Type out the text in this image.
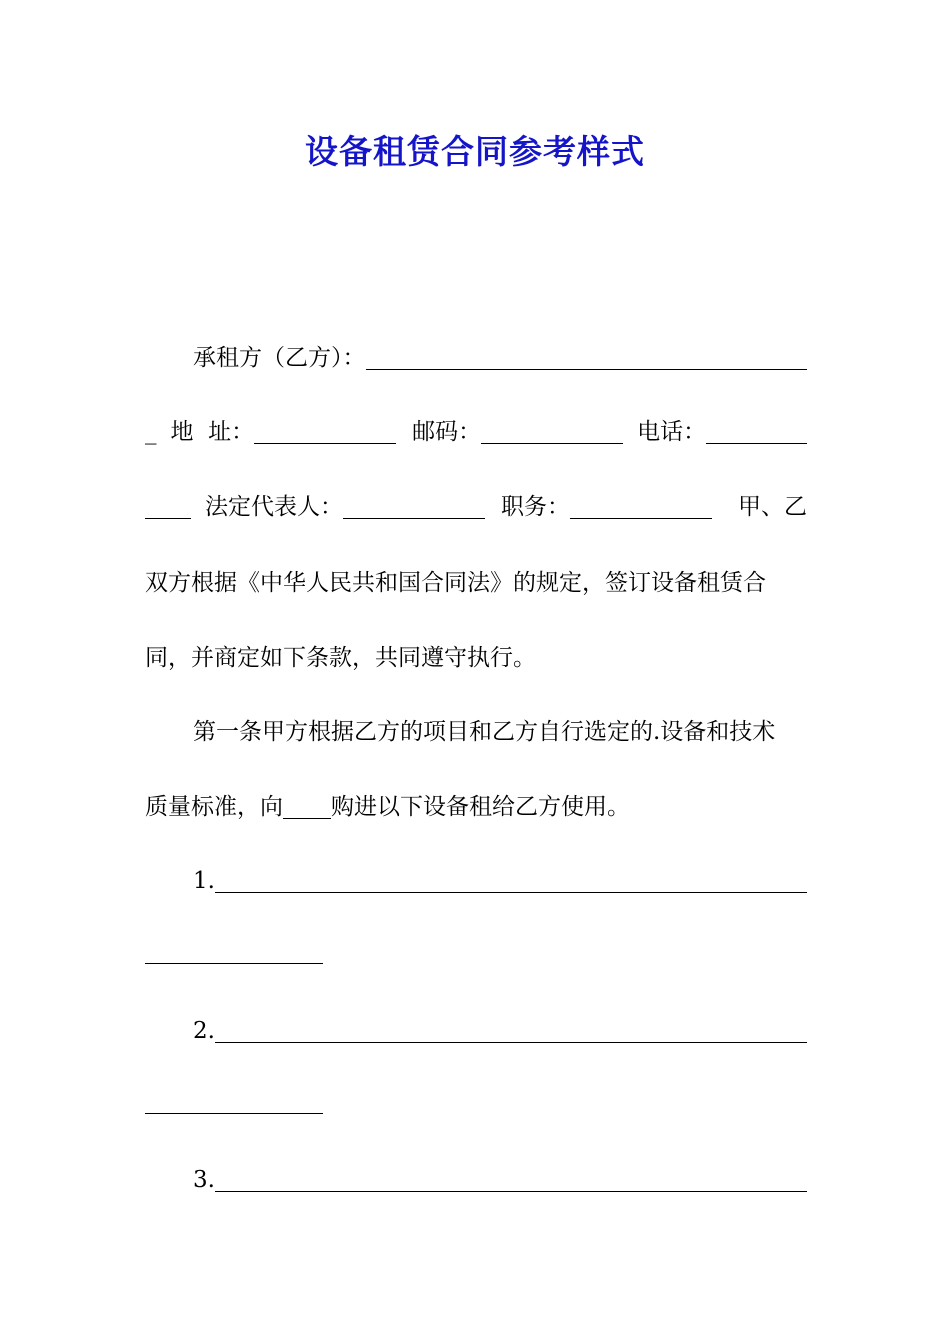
设备租赁合同参考样式
承租方（乙方）：
_ 地  址：	邮码：	电话：
法定代表人：	职务：	甲、乙
双方根据《中华人民共和国合同法》的规定，签订设备租赁合
同，并商定如下条款，共同遵守执行。
第一条甲方根据乙方的项目和乙方自行选定的.设备和技术
质量标准，向 购进以下设备租给乙方使用。
1.
2.
3.
